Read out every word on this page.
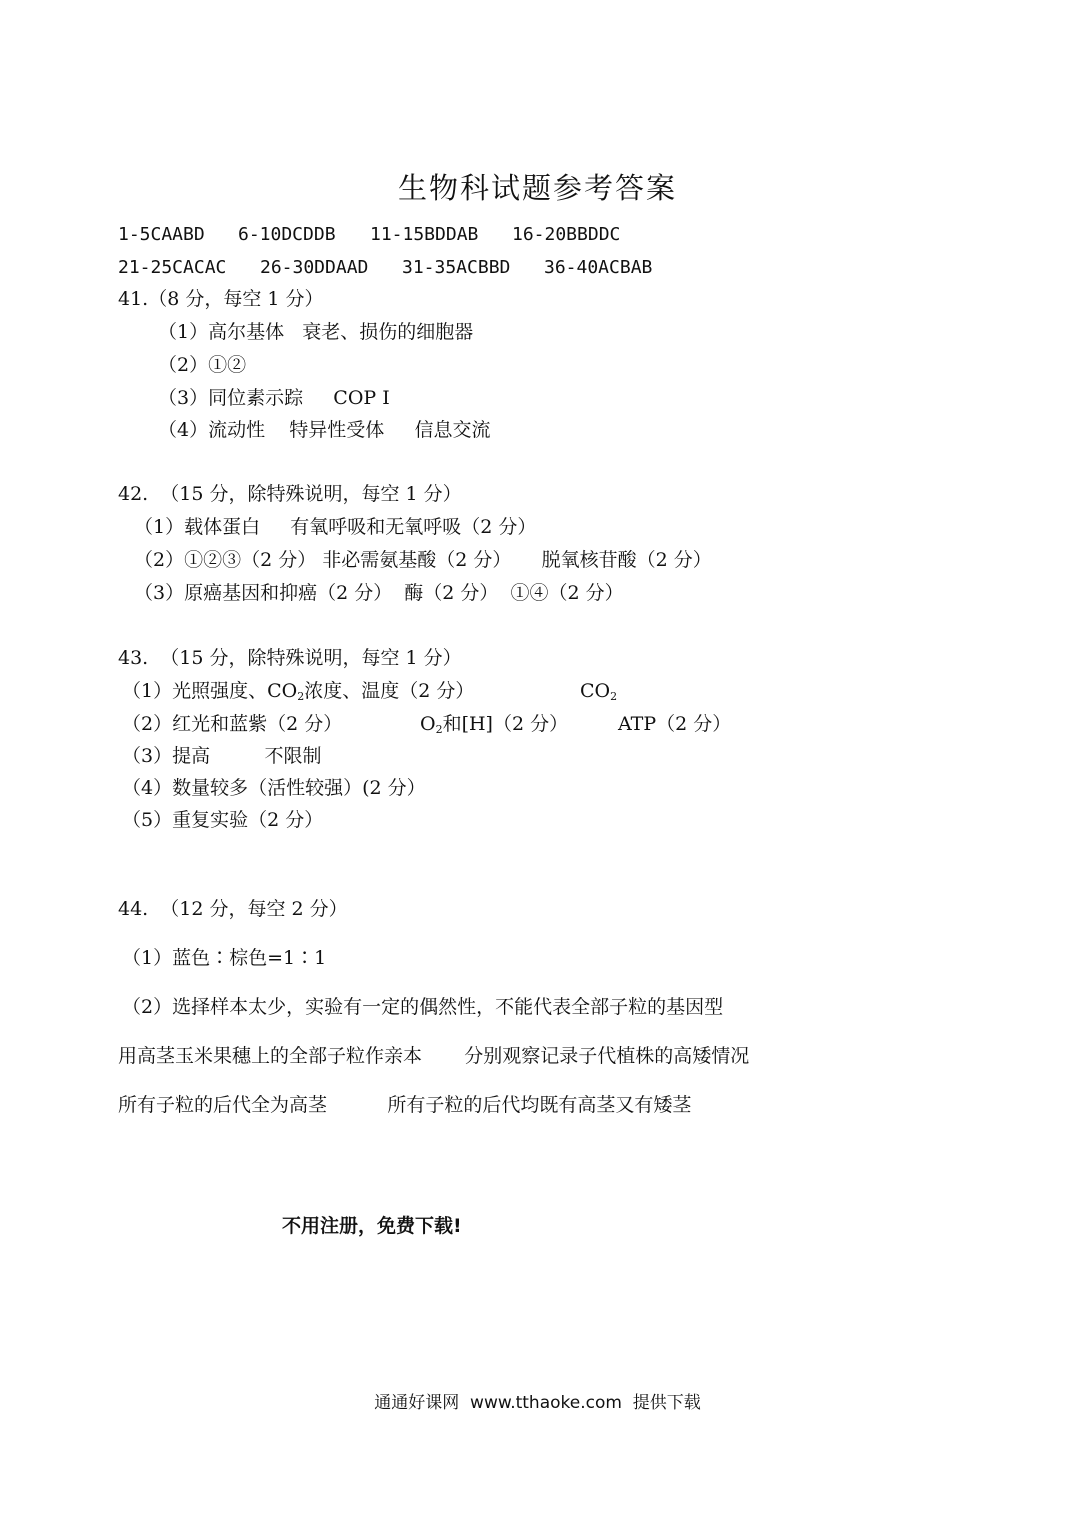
生物科试题参考答案
1-5CAABD 6-10DCDDB 11-15BDDAB 16-20BBDDC
21-25CACAC 26-30DDAAD 31-35ACBBD 36-40ACBAB
41.（8 分，每空 1 分）
（1）高尔基体   衰老、损伤的细胞器
（2）①②
（3）同位素示踪     COP I
（4）流动性    特异性受体     信息交流
42.  （15 分，除特殊说明，每空 1 分）
（1）载体蛋白     有氧呼吸和无氧呼吸（2 分）
（2）①②③（2 分） 非必需氨基酸（2 分）     脱氧核苷酸（2 分）
（3）原癌基因和抑癌（2 分）  酶（2 分）  ①④（2 分）
43.  （15 分，除特殊说明，每空 1 分）
（1）光照强度、$CO_2$浓度、温度（2 分）	$CO_2$
（2）红光和蓝紫（2 分）	$O_2$和[H]（2 分）	ATP（2 分）
（3）提高         不限制
（4）数量较多（活性较强）(2 分）
（5）重复实验（2 分）
44.  （12 分，每空 2 分）
（1）蓝色∶棕色=1∶1
（2）选择样本太少，实验有一定的偶然性，不能代表全部子粒的基因型
用高茎玉米果穗上的全部子粒作亲本       分别观察记录子代植株的高矮情况
所有子粒的后代全为高茎          所有子粒的后代均既有高茎又有矮茎
不用注册，免费下载!
通通好课网  www.tthaoke.com  提供下载
